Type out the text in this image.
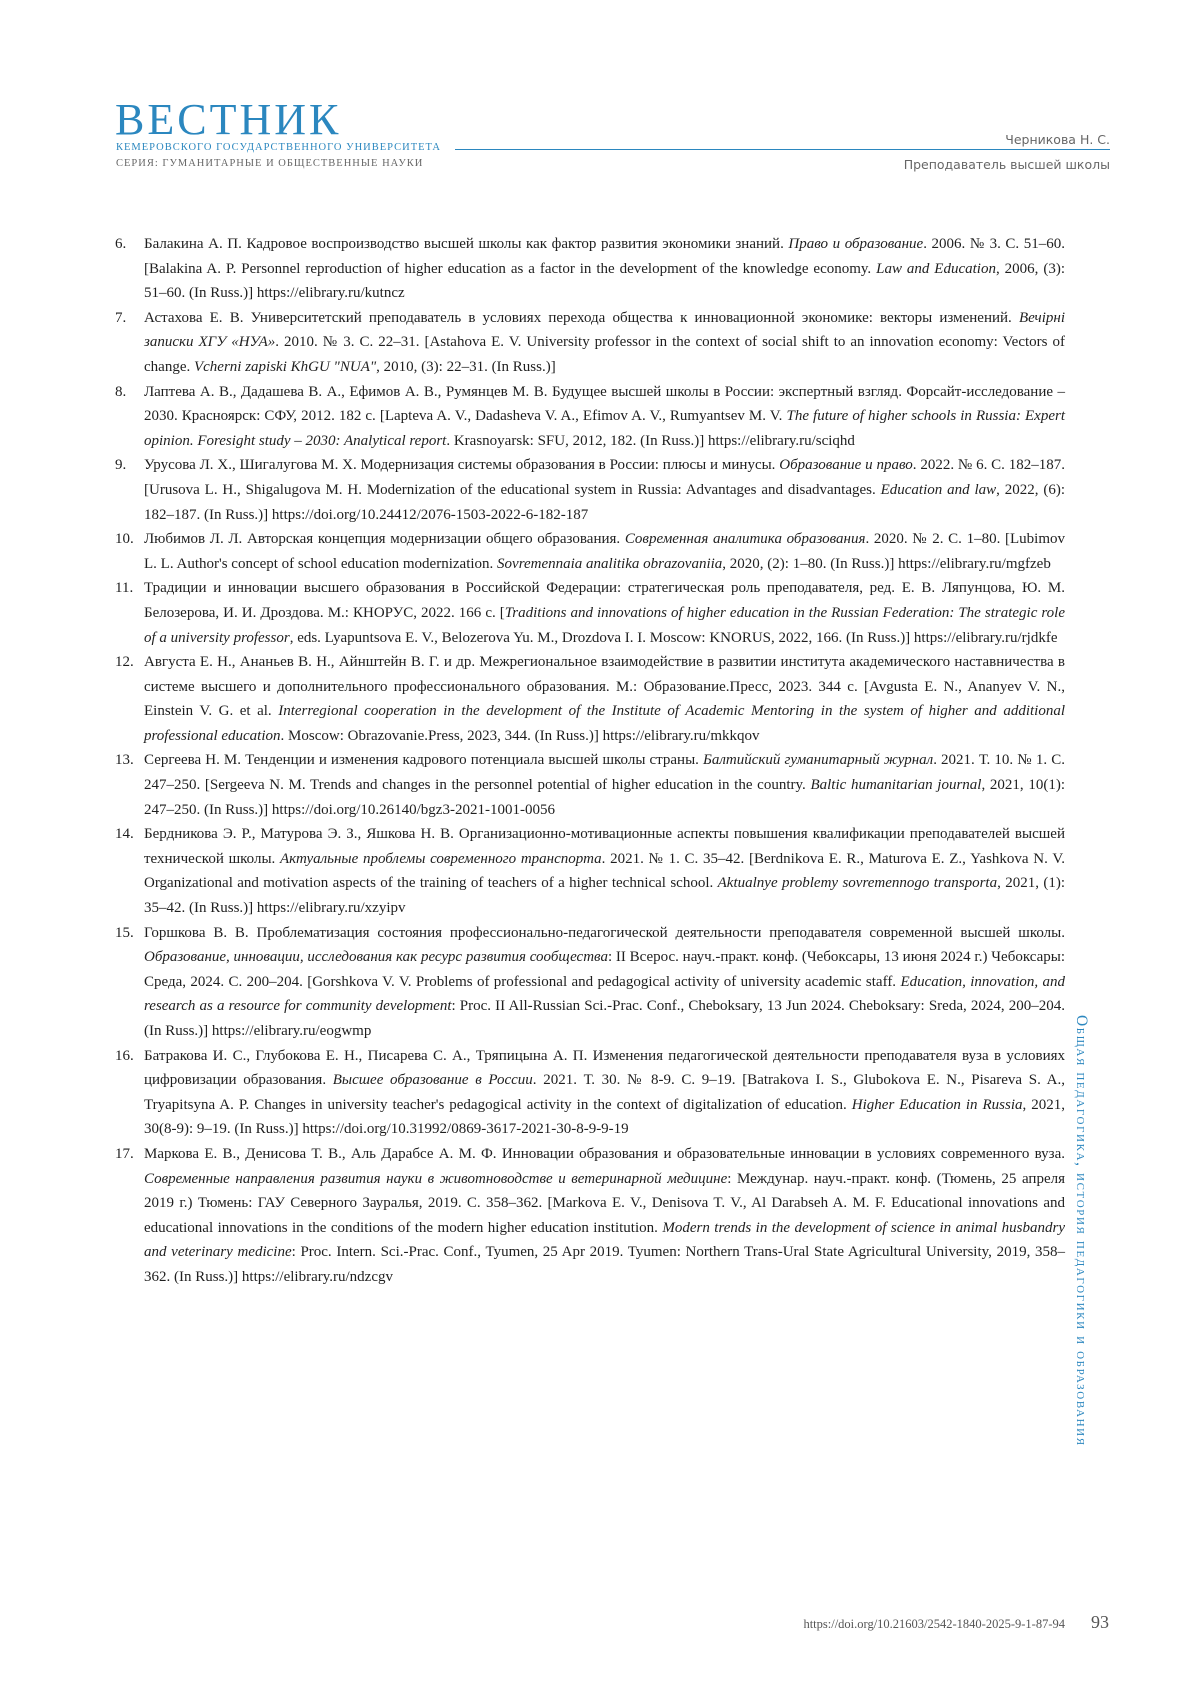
ВЕСТНИК
КЕМЕРОВСКОГО ГОСУДАРСТВЕННОГО УНИВЕРСИТЕТА
СЕРИЯ: ГУМАНИТАРНЫЕ И ОБЩЕСТВЕННЫЕ НАУКИ
Черникова Н. С.
Преподаватель высшей школы
6. Балакина А. П. Кадровое воспроизводство высшей школы как фактор развития экономики знаний. Право и образование. 2006. № 3. С. 51–60. [Balakina A. P. Personnel reproduction of higher education as a factor in the development of the knowledge economy. Law and Education, 2006, (3): 51–60. (In Russ.)] https://elibrary.ru/kutncz
7. Астахова Е. В. Университетский преподаватель в условиях перехода общества к инновационной экономике: векторы изменений. Вечірні записки ХГУ «НУА». 2010. № 3. С. 22–31. [Astahova E. V. University professor in the context of social shift to an innovation economy: Vectors of change. Vcherni zapiski KhGU "NUA", 2010, (3): 22–31. (In Russ.)]
8. Лаптева А. В., Дадашева В. А., Ефимов А. В., Румянцев М. В. Будущее высшей школы в России: экспертный взгляд. Форсайт-исследование – 2030. Красноярск: СФУ, 2012. 182 с. [Lapteva A. V., Dadasheva V. A., Efimov A. V., Rumyantsev M. V. The future of higher schools in Russia: Expert opinion. Foresight study – 2030: Analytical report. Krasnoyarsk: SFU, 2012, 182. (In Russ.)] https://elibrary.ru/sciqhd
9. Урусова Л. Х., Шигалугова М. Х. Модернизация системы образования в России: плюсы и минусы. Образование и право. 2022. № 6. С. 182–187. [Urusova L. H., Shigalugova M. H. Modernization of the educational system in Russia: Advantages and disadvantages. Education and law, 2022, (6): 182–187. (In Russ.)] https://doi.org/10.24412/2076-1503-2022-6-182-187
10. Любимов Л. Л. Авторская концепция модернизации общего образования. Современная аналитика образования. 2020. № 2. С. 1–80. [Lubimov L. L. Author's concept of school education modernization. Sovremennaia analitika obrazovaniia, 2020, (2): 1–80. (In Russ.)] https://elibrary.ru/mgfzeb
11. Традиции и инновации высшего образования в Российской Федерации: стратегическая роль преподавателя, ред. Е. В. Ляпунцова, Ю. М. Белозерова, И. И. Дроздова. М.: КНОРУС, 2022. 166 с. [Traditions and innovations of higher education in the Russian Federation: The strategic role of a university professor, eds. Lyapuntsova E. V., Belozerova Yu. M., Drozdova I. I. Moscow: KNORUS, 2022, 166. (In Russ.)] https://elibrary.ru/rjdkfe
12. Августа Е. Н., Ананьев В. Н., Айнштейн В. Г. и др. Межрегиональное взаимодействие в развитии института академического наставничества в системе высшего и дополнительного профессионального образования. М.: Образование.Пресс, 2023. 344 с. [Avgusta E. N., Ananyev V. N., Einstein V. G. et al. Interregional cooperation in the development of the Institute of Academic Mentoring in the system of higher and additional professional education. Moscow: Obrazovanie.Press, 2023, 344. (In Russ.)] https://elibrary.ru/mkkqov
13. Сергеева Н. М. Тенденции и изменения кадрового потенциала высшей школы страны. Балтийский гуманитарный журнал. 2021. Т. 10. № 1. С. 247–250. [Sergeeva N. M. Trends and changes in the personnel potential of higher education in the country. Baltic humanitarian journal, 2021, 10(1): 247–250. (In Russ.)] https://doi.org/10.26140/bgz3-2021-1001-0056
14. Бердникова Э. Р., Матурова Э. З., Яшкова Н. В. Организационно-мотивационные аспекты повышения квалификации преподавателей высшей технической школы. Актуальные проблемы современного транспорта. 2021. № 1. С. 35–42. [Berdnikova E. R., Maturova E. Z., Yashkova N. V. Organizational and motivation aspects of the training of teachers of a higher technical school. Aktualnye problemy sovremennogo transporta, 2021, (1): 35–42. (In Russ.)] https://elibrary.ru/xzyipv
15. Горшкова В. В. Проблематизация состояния профессионально-педагогической деятельности преподавателя современной высшей школы. Образование, инновации, исследования как ресурс развития сообщества: II Всерос. науч.-практ. конф. (Чебоксары, 13 июня 2024 г.) Чебоксары: Среда, 2024. С. 200–204. [Gorshkova V. V. Problems of professional and pedagogical activity of university academic staff. Education, innovation, and research as a resource for community development: Proc. II All-Russian Sci.-Prac. Conf., Cheboksary, 13 Jun 2024. Cheboksary: Sreda, 2024, 200–204. (In Russ.)] https://elibrary.ru/eogwmp
16. Батракова И. С., Глубокова Е. Н., Писарева С. А., Тряпицына А. П. Изменения педагогической деятельности преподавателя вуза в условиях цифровизации образования. Высшее образование в России. 2021. Т. 30. № 8-9. С. 9–19. [Batrakova I. S., Glubokova E. N., Pisareva S. A., Tryapitsyna A. P. Changes in university teacher's pedagogical activity in the context of digitalization of education. Higher Education in Russia, 2021, 30(8-9): 9–19. (In Russ.)] https://doi.org/10.31992/0869-3617-2021-30-8-9-9-19
17. Маркова Е. В., Денисова Т. В., Аль Дарабсе А. М. Ф. Инновации образования и образовательные инновации в условиях современного вуза. Современные направления развития науки в животноводстве и ветеринарной медицине: Междунар. науч.-практ. конф. (Тюмень, 25 апреля 2019 г.) Тюмень: ГАУ Северного Зауралья, 2019. С. 358–362. [Markova E. V., Denisova T. V., Al Darabseh A. M. F. Educational innovations and educational innovations in the conditions of the modern higher education institution. Modern trends in the development of science in animal husbandry and veterinary medicine: Proc. Intern. Sci.-Prac. Conf., Tyumen, 25 Apr 2019. Tyumen: Northern Trans-Ural State Agricultural University, 2019, 358–362. (In Russ.)] https://elibrary.ru/ndzcgv	Общая педагогика, история педагогики и образования
https://doi.org/10.21603/2542-1840-2025-9-1-87-94 93
